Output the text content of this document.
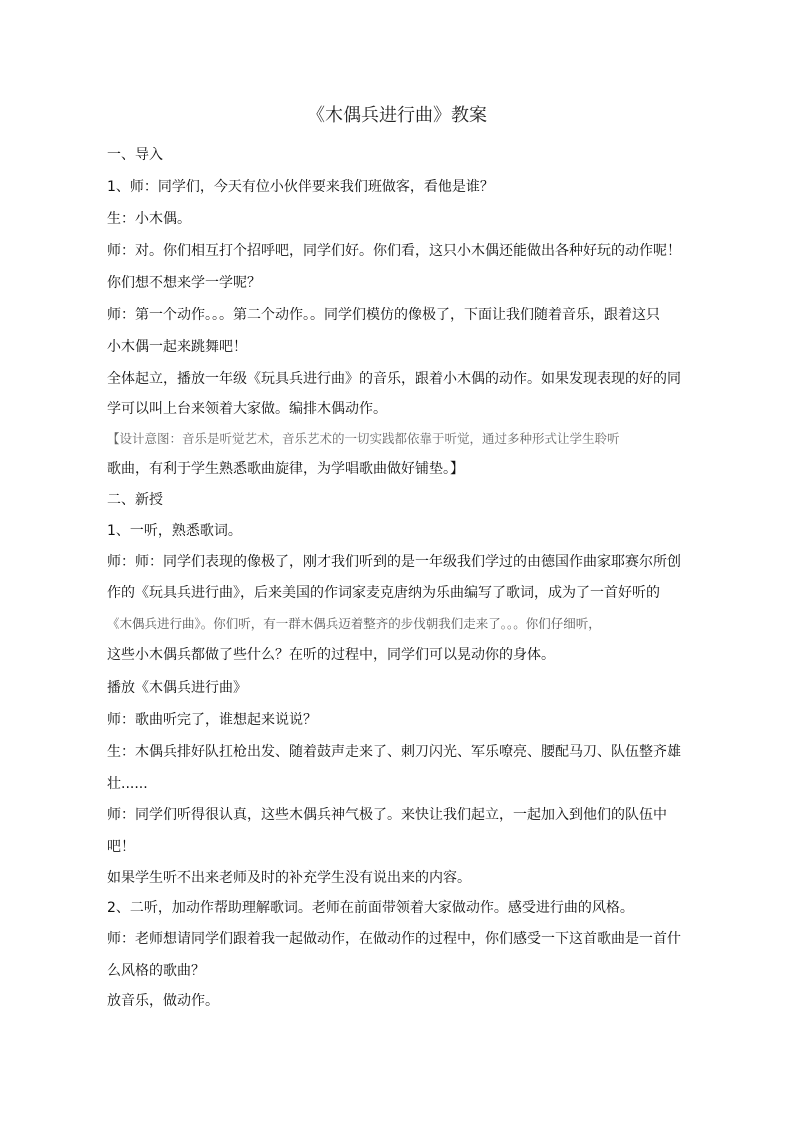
《木偶兵进行曲》教案
一、导入
1、师：同学们，今天有位小伙伴要来我们班做客，看他是谁？
生：小木偶。
师：对。你们相互打个招呼吧，同学们好。你们看，这只小木偶还能做出各种好玩的动作呢！
你们想不想来学一学呢？
师：第一个动作。。。第二个动作。。同学们模仿的像极了，下面让我们随着音乐，跟着这只
小木偶一起来跳舞吧！
全体起立，播放一年级《玩具兵进行曲》的音乐，跟着小木偶的动作。如果发现表现的好的同
学可以叫上台来领着大家做。编排木偶动作。
【设计意图：音乐是听觉艺术，音乐艺术的一切实践都依靠于听觉，通过多种形式让学生聆听
歌曲，有利于学生熟悉歌曲旋律，为学唱歌曲做好铺垫。】
二、新授
1、一听，熟悉歌词。
师：师：同学们表现的像极了，刚才我们听到的是一年级我们学过的由德国作曲家耶赛尔所创
作的《玩具兵进行曲》，后来美国的作词家麦克唐纳为乐曲编写了歌词，成为了一首好听的
《木偶兵进行曲》。你们听，有一群木偶兵迈着整齐的步伐朝我们走来了。。。你们仔细听，
这些小木偶兵都做了些什么？在听的过程中，同学们可以晃动你的身体。
播放《木偶兵进行曲》
师：歌曲听完了，谁想起来说说？
生：木偶兵排好队扛枪出发、随着鼓声走来了、刺刀闪光、军乐嘹亮、腰配马刀、队伍整齐雄
壮......
师：同学们听得很认真，这些木偶兵神气极了。来快让我们起立，一起加入到他们的队伍中
吧！
如果学生听不出来老师及时的补充学生没有说出来的内容。
2、二听，加动作帮助理解歌词。老师在前面带领着大家做动作。感受进行曲的风格。
师：老师想请同学们跟着我一起做动作，在做动作的过程中，你们感受一下这首歌曲是一首什
么风格的歌曲？
放音乐，做动作。
